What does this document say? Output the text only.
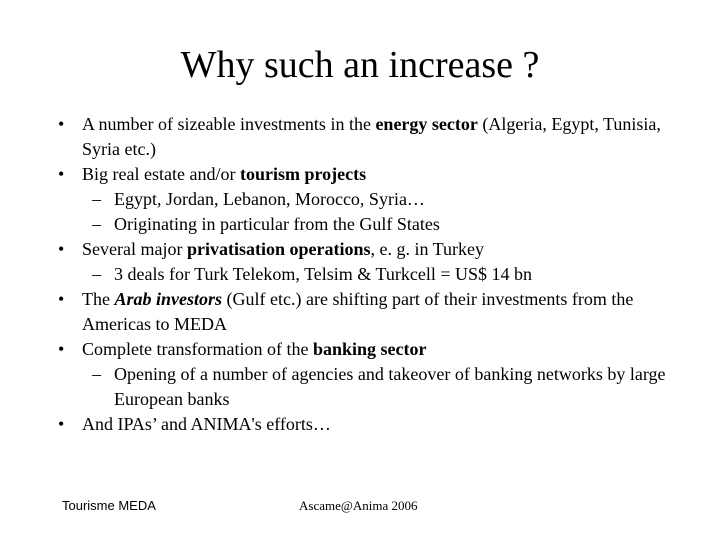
Why such an increase ?
• A number of sizeable investments in the energy sector (Algeria, Egypt, Tunisia, Syria etc.)
• Big real estate and/or tourism projects
– Egypt, Jordan, Lebanon, Morocco, Syria…
– Originating in particular from the Gulf States
• Several major privatisation operations, e. g. in Turkey
– 3 deals for Turk Telekom, Telsim & Turkcell = US$ 14 bn
• The Arab investors (Gulf etc.) are shifting part of their investments from the Americas to MEDA
• Complete transformation of the banking sector
– Opening of a number of agencies and takeover of banking networks by large European banks
• And IPAs’ and ANIMA's efforts…
Tourisme MEDA	Ascame@Anima 2006
